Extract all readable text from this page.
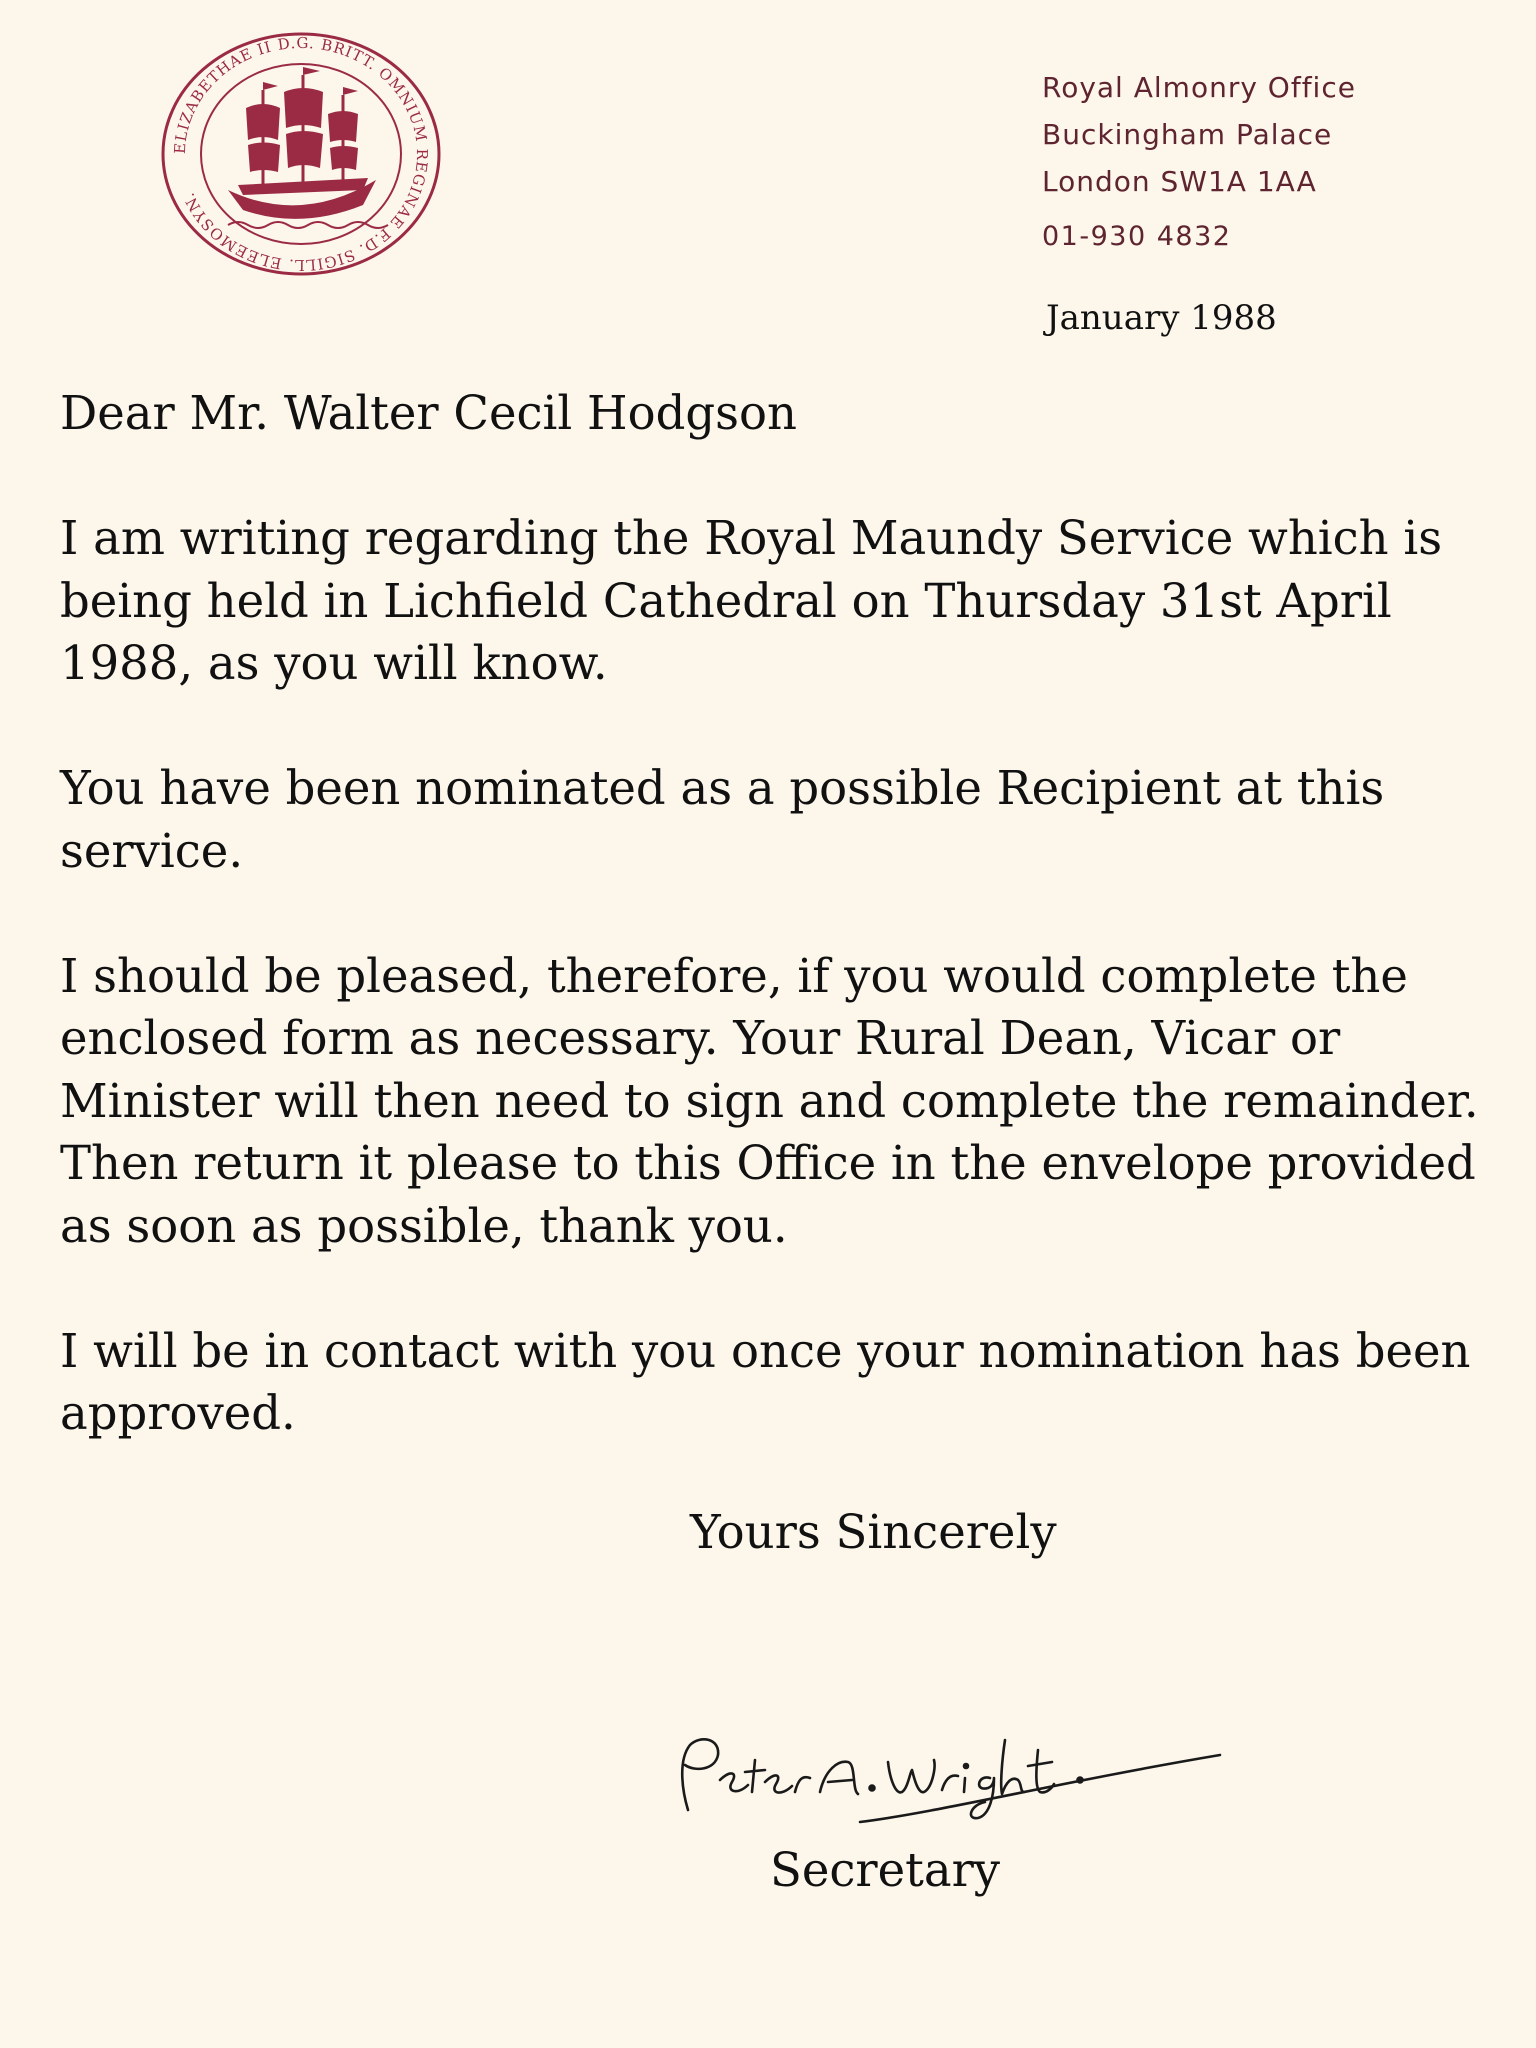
ELIZABETHAE II D.G. BRITT. OMNIUM REGINAE F.D. SIGILL. ELEEMOSYN.
Royal Almonry Office
Buckingham Palace
London SW1A 1AA
01-930 4832
January 1988

Dear Mr. Walter Cecil Hodgson

I am writing regarding the Royal Maundy Service which is being held in Lichfield Cathedral on Thursday 31st April 1988, as you will know.

You have been nominated as a possible Recipient at this service.

I should be pleased, therefore, if you would complete the enclosed form as necessary. Your Rural Dean, Vicar or Minister will then need to sign and complete the remainder. Then return it please to this Office in the envelope provided as soon as possible, thank you.

I will be in contact with you once your nomination has been approved.

Yours Sincerely
Secretary
